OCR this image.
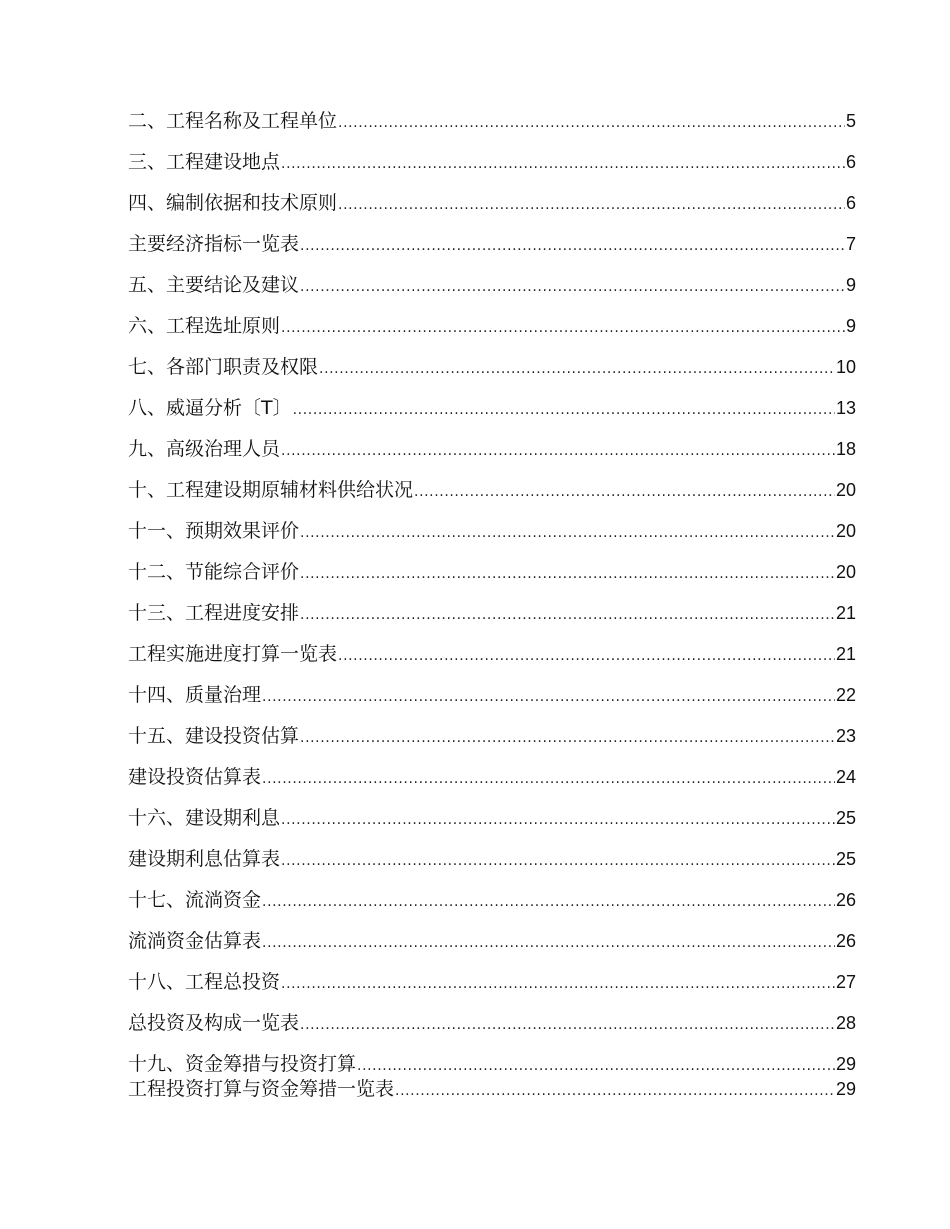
二、 工程名称及工程单位 .....	5
三、 工程建设地点 .....	6
四、 编制依据和技术原则 .....	6
主要经济指标一览表 .....	7
五、 主要结论及建议 .....	9
六、 工程选址原则 .....	9
七、 各部门职责及权限 .....	10
八、 威逼分析〔T〕 .....	13
九、 高级治理人员 .....	18
十、 工程建设期原辅材料供给状况 .....	20
十一、 预期效果评价 .....	20
十二、 节能综合评价 .....	20
十三、 工程进度安排 .....	21
工程实施进度打算一览表 .....	21
十四、 质量治理 .....	22
十五、 建设投资估算 .....	23
建设投资估算表 .....	24
十六、 建设期利息 .....	25
建设期利息估算表 .....	25
十七、 流淌资金 .....	26
流淌资金估算表 .....	26
十八、 工程总投资 .....	27
总投资及构成一览表 .....	28
十九、 资金筹措与投资打算 .....	29
工程投资打算与资金筹措一览表 .....	29
